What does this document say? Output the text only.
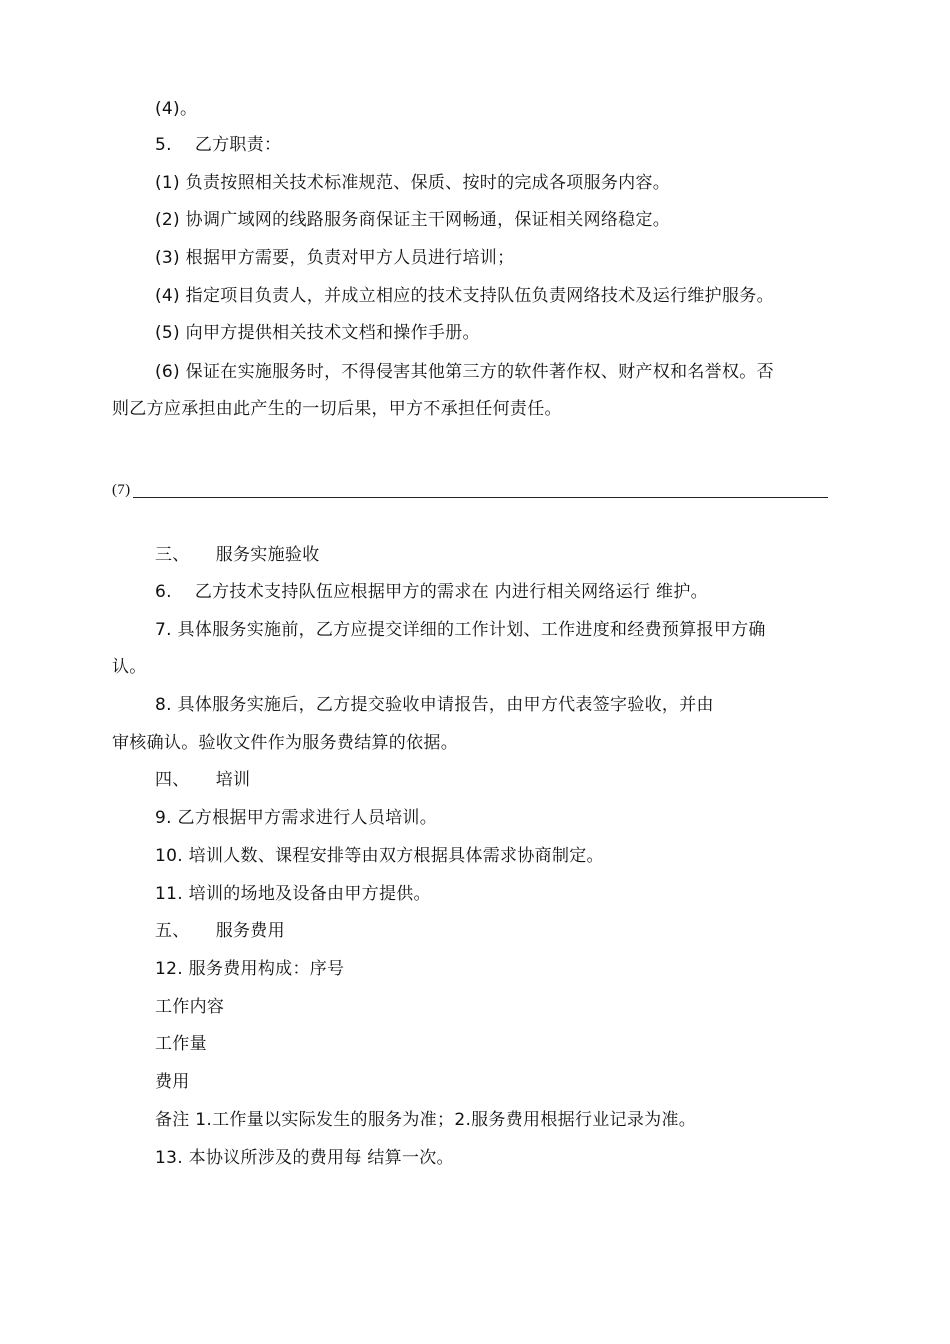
(4)。
5.　 乙方职责：
(1) 负责按照相关技术标准规范、保质、按时的完成各项服务内容。
(2) 协调广域网的线路服务商保证主干网畅通，保证相关网络稳定。
(3) 根据甲方需要，负责对甲方人员进行培训；
(4) 指定项目负责人，并成立相应的技术支持队伍负责网络技术及运行维护服务。
(5) 向甲方提供相关技术文档和操作手册。
(6) 保证在实施服务时，不得侵害其他第三方的软件著作权、财产权和名誉权。否
则乙方应承担由此产生的一切后果，甲方不承担任何责任。
(7)
三、　　服务实施验收
6.　 乙方技术支持队伍应根据甲方的需求在 内进行相关网络运行 维护。
7. 具体服务实施前，乙方应提交详细的工作计划、工作进度和经费预算报甲方确
认。
8. 具体服务实施后，乙方提交验收申请报告，由甲方代表签字验收，并由
审核确认。验收文件作为服务费结算的依据。
四、　　培训
9. 乙方根据甲方需求进行人员培训。
10. 培训人数、课程安排等由双方根据具体需求协商制定。
11. 培训的场地及设备由甲方提供。
五、　　服务费用
12. 服务费用构成：序号
工作内容
工作量
费用
备注 1.工作量以实际发生的服务为准；2.服务费用根据行业记录为准。
13. 本协议所涉及的费用每 结算一次。
